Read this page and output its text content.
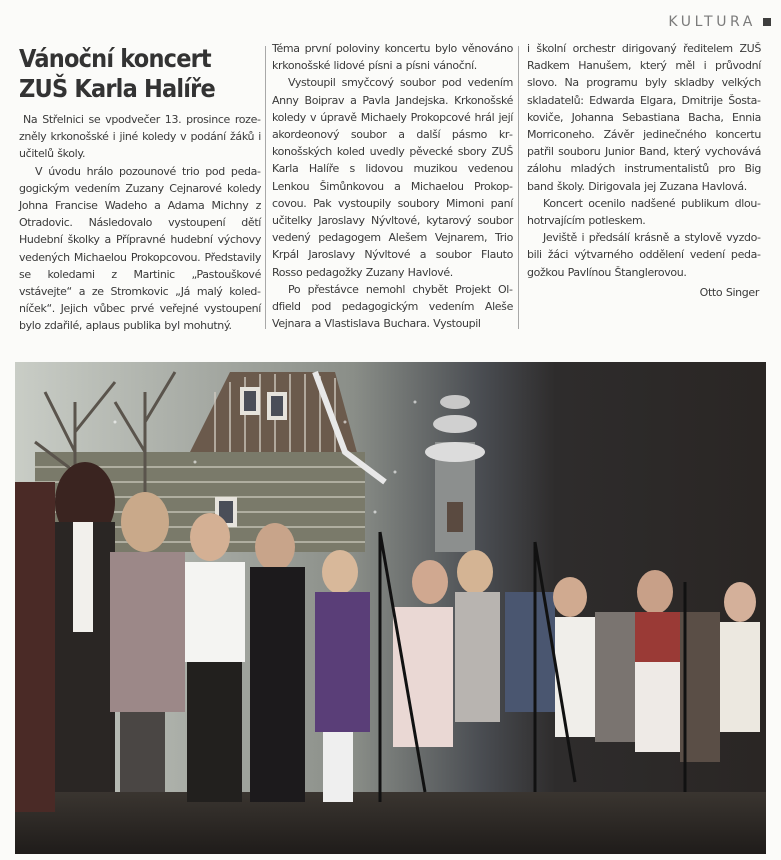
KULTURA
Vánoční koncert
ZUŠ Karla Halíře

Na Střelnici se vpodvečer 13. prosince rozezněly krkonošské i jiné koledy v podání žáků i učitelů školy.

V úvodu hrálo pozounové trio pod pedagogickým vedením Zuzany Cejnarové koledy Johna Francise Wadeho a Adama Michny z Otradovic. Následovalo vystoupení dětí Hudební školky a Přípravné hudební výchovy vedených Michaelou Prokopcovou. Představily se koledami z Martinic „Pastouškové vstávejte“ a ze Stromkovic „Já malý koledníček“. Jejich vůbec prvé veřejné vystoupení bylo zdařilé, aplaus publika byl mohutný.

Téma první poloviny koncertu bylo věnováno krkonošské lidové písni a písni vánoční.

Vystoupil smyčcový soubor pod vedením Anny Boiprav a Pavla Jandejska. Krkonošské koledy v úpravě Michaely Prokopcové hrál její akordeonový soubor a další pásmo krkonošských koled uvedly pěvecké sbory ZUŠ Karla Halíře s lidovou muzikou vedenou Lenkou Šimůnkovou a Michaelou Prokopcovou. Pak vystoupily soubory Mimoni paní učitelky Jaroslavy Nývltové, kytarový soubor vedený pedagogem Alešem Vejnarem, Trio Krpál Jaroslavy Nývltové a soubor Flauto Rosso pedagožky Zuzany Havlové.

Po přestávce nemohl chybět Projekt Oldfield pod pedagogickým vedením Aleše Vejnara a Vlastislava Buchara. Vystoupil

i školní orchestr dirigovaný ředitelem ZUŠ Radkem Hanušem, který měl i průvodní slovo. Na programu byly skladby velkých skladatelů: Edwarda Elgara, Dmitrije Šostakoviče, Johanna Sebastiana Bacha, Ennia Morriconeho. Závěr jedinečného koncertu patřil souboru Junior Band, který vychovává zálohu mladých instrumentalistů pro Big band školy. Dirigovala jej Zuzana Havlová.

Koncert ocenilo nadšené publikum dlouhotrvajícím potleskem.

Jeviště i předsálí krásně a stylově vyzdobili žáci výtvarného oddělení vedení pedagožkou Pavlínou Štanglerovou.

Otto Singer
